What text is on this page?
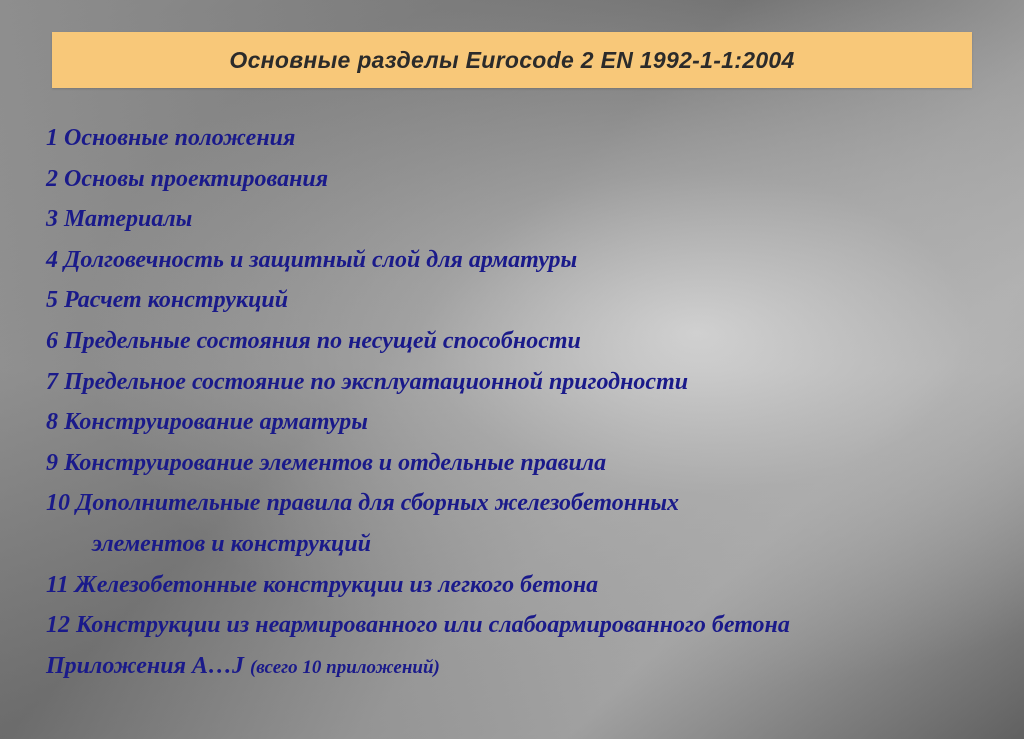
Основные разделы Eurocode 2 EN 1992-1-1:2004
1 Основные положения
2 Основы проектирования
3 Материалы
4 Долговечность и защитный слой для арматуры
5 Расчет конструкций
6 Предельные состояния по несущей способности
7 Предельное состояние по эксплуатационной пригодности
8 Конструирование арматуры
9 Конструирование элементов и отдельные правила
10 Дополнительные правила для сборных железобетонных
элементов и конструкций
11 Железобетонные конструкции из легкого бетона
12 Конструкции из неармированного или слабоармированного бетона
Приложения А…J (всего 10 приложений)
